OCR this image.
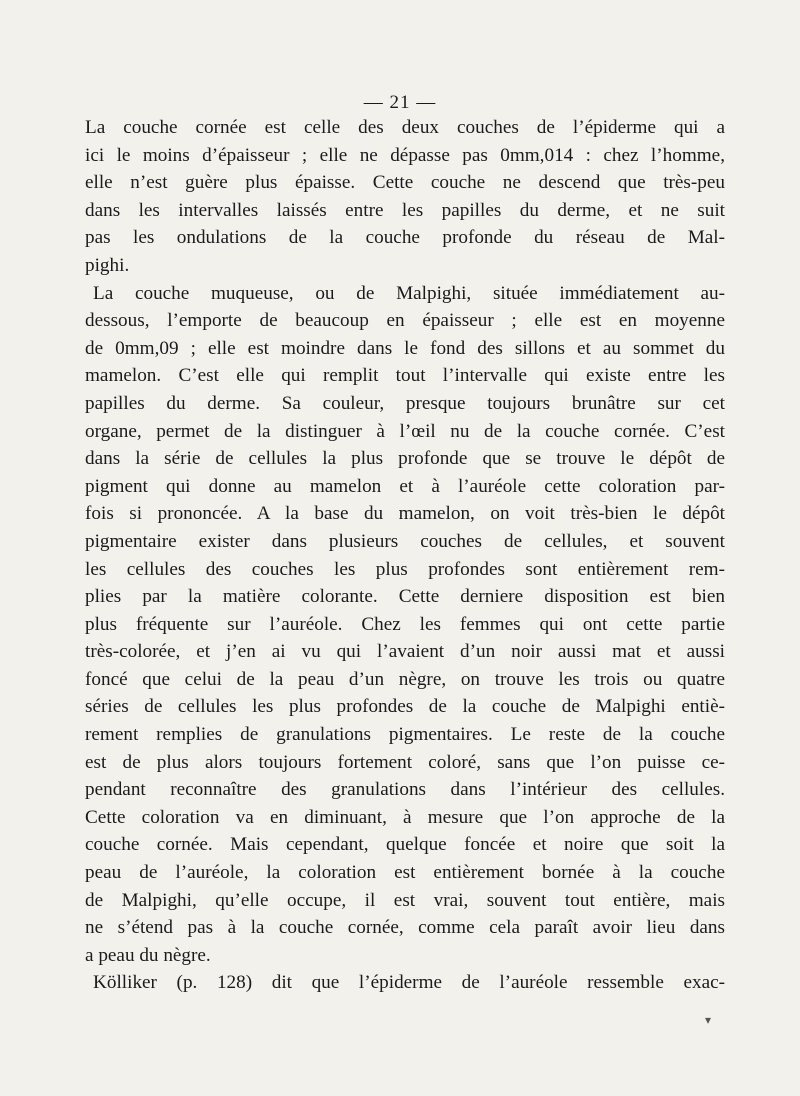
— 21 —
La couche cornée est celle des deux couches de l’épiderme qui a
ici le moins d’épaisseur ; elle ne dépasse pas 0mm,014 : chez l’homme,
elle n’est guère plus épaisse. Cette couche ne descend que très-peu
dans les intervalles laissés entre les papilles du derme, et ne suit
pas les ondulations de la couche profonde du réseau de Mal-
pighi.
La couche muqueuse, ou de Malpighi, située immédiatement au-
dessous, l’emporte de beaucoup en épaisseur ; elle est en moyenne
de 0mm,09 ; elle est moindre dans le fond des sillons et au sommet du
mamelon. C’est elle qui remplit tout l’intervalle qui existe entre les
papilles du derme. Sa couleur, presque toujours brunâtre sur cet
organe, permet de la distinguer à l’œil nu de la couche cornée. C’est
dans la série de cellules la plus profonde que se trouve le dépôt de
pigment qui donne au mamelon et à l’auréole cette coloration par-
fois si prononcée. A la base du mamelon, on voit très-bien le dépôt
pigmentaire exister dans plusieurs couches de cellules, et souvent
les cellules des couches les plus profondes sont entièrement rem-
plies par la matière colorante. Cette derniere disposition est bien
plus fréquente sur l’auréole. Chez les femmes qui ont cette partie
très-colorée, et j’en ai vu qui l’avaient d’un noir aussi mat et aussi
foncé que celui de la peau d’un nègre, on trouve les trois ou quatre
séries de cellules les plus profondes de la couche de Malpighi entiè-
rement remplies de granulations pigmentaires. Le reste de la couche
est de plus alors toujours fortement coloré, sans que l’on puisse ce-
pendant reconnaître des granulations dans l’intérieur des cellules.
Cette coloration va en diminuant, à mesure que l’on approche de la
couche cornée. Mais cependant, quelque foncée et noire que soit la
peau de l’auréole, la coloration est entièrement bornée à la couche
de Malpighi, qu’elle occupe, il est vrai, souvent tout entière, mais
ne s’étend pas à la couche cornée, comme cela paraît avoir lieu dans
a peau du nègre.
Kölliker (p. 128) dit que l’épiderme de l’auréole ressemble exac-
▾
